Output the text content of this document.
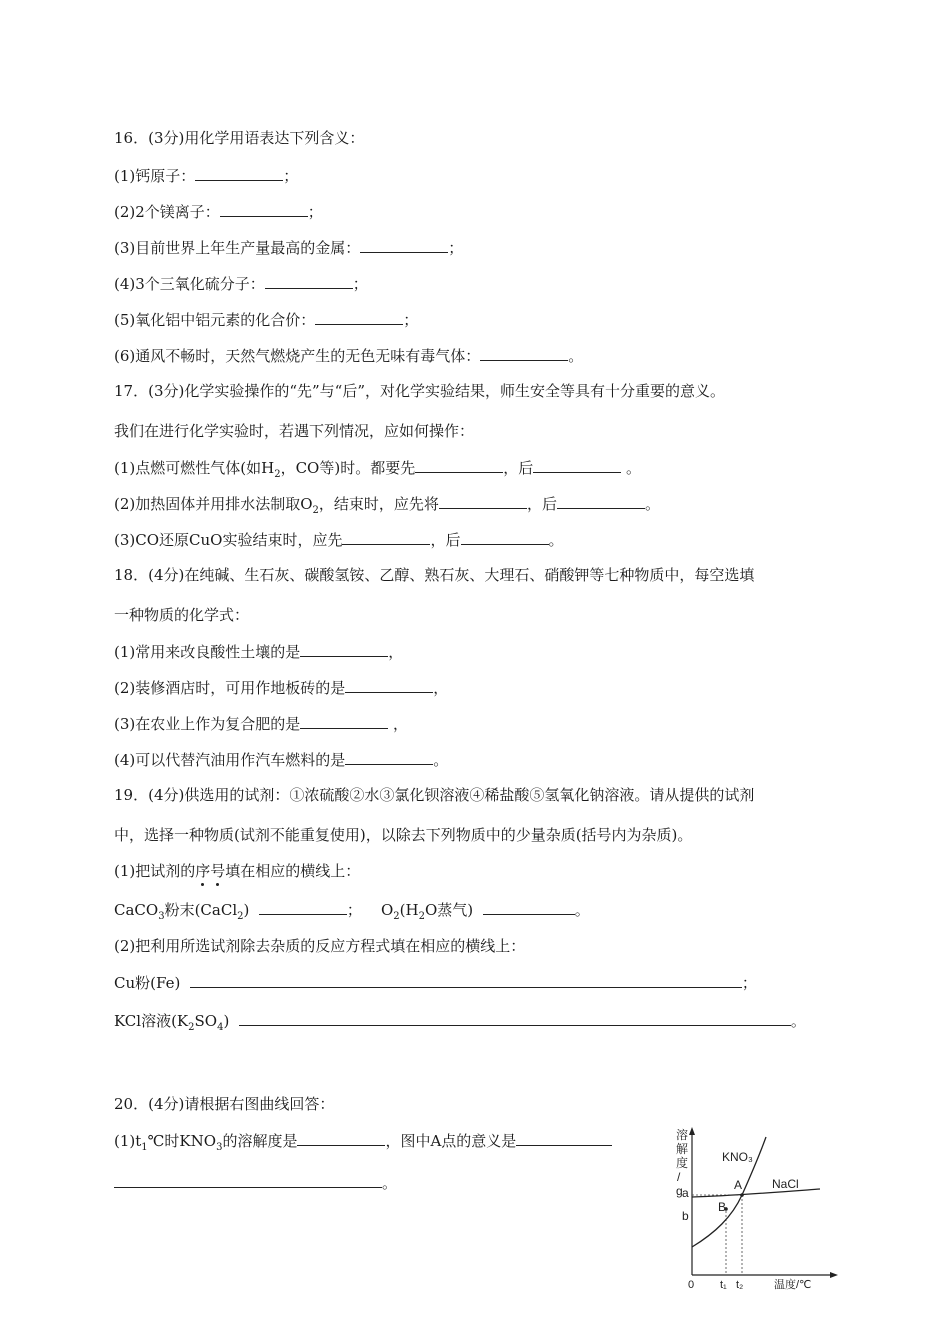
16．(3分)用化学用语表达下列含义：
(1)钙原子：	；
(2)2个镁离子：	；
(3)目前世界上年生产量最高的金属：	；
(4)3个三氧化硫分子：	；
(5)氧化铝中铝元素的化合价：	；
(6)通风不畅时，天然气燃烧产生的无色无味有毒气体：	。
17．(3分)化学实验操作的“先”与“后”，对化学实验结果，师生安全等具有十分重要的意义。
我们在进行化学实验时，若遇下列情况，应如何操作：
(1)点燃可燃性气体(如$H_2$，CO等)时。都要先	，后	。
(2)加热固体并用排水法制取$O_2$，结束时，应先将	，后	。
(3)CO还原CuO实验结束时，应先	，后	。
18．(4分)在纯碱、生石灰、碳酸氢铵、乙醇、熟石灰、大理石、硝酸钾等七种物质中，每空选填
一种物质的化学式：
(1)常用来改良酸性土壤的是	，
(2)装修酒店时，可用作地板砖的是	，
(3)在农业上作为复合肥的是	，
(4)可以代替汽油用作汽车燃料的是	。
19．(4分)供选用的试剂：①浓硫酸②水③氯化钡溶液④稀盐酸⑤氢氧化钠溶液。请从提供的试剂
中，选择一种物质(试剂不能重复使用)，以除去下列物质中的少量杂质(括号内为杂质)。
(1)把试剂的序号填在相应的横线上：
CaCO$_3$粉末(CaCl$_2$)	； $O_2(H_2O$蒸气)	。
(2)把利用所选试剂除去杂质的反应方程式填在相应的横线上：
Cu粉(Fe)	；
KCl溶液$(K_2SO_4)$	。
20．(4分)请根据右图曲线回答：
$(1)t_1℃$时$KNO_3$的溶解度是	，图中A点的意义是
。
溶
解
度
/
g a
b
0 t₁ t₂	温度/℃
A
B
KNO₃
NaCl
